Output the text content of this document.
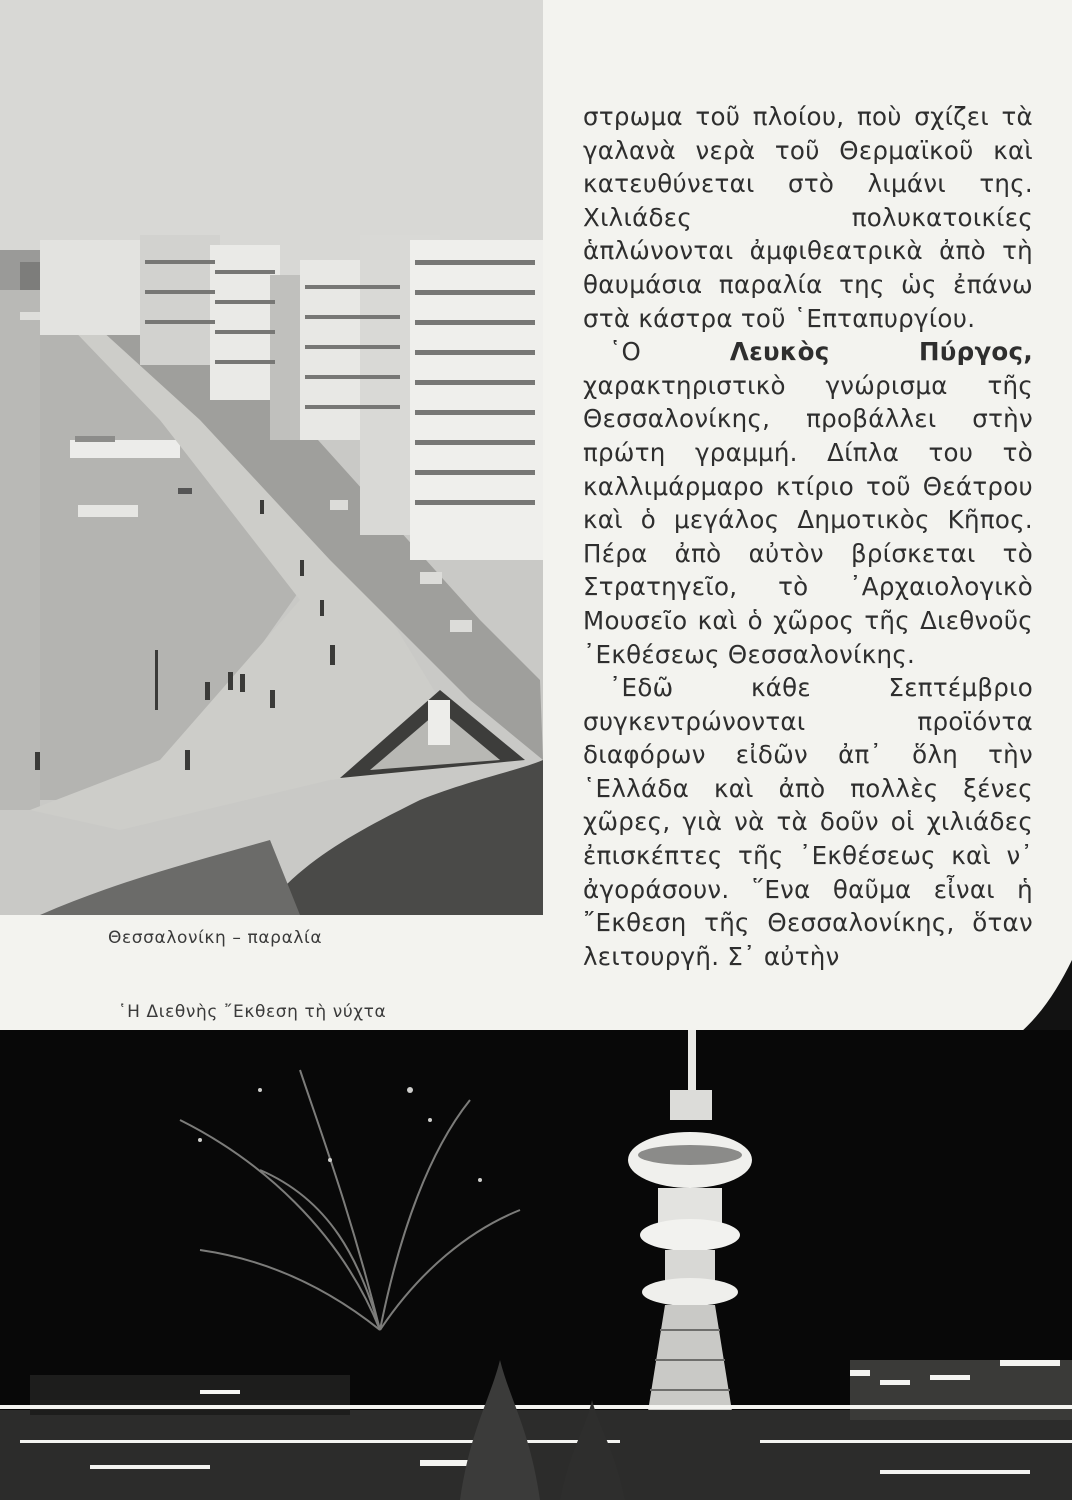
Θεσσαλονίκη – παραλία
῾Η Διεθνὴς ῎Εκθεση τὴ νύχτα

στρωμα τοῦ πλοίου, ποὺ σχίζει τὰ γαλανὰ νερὰ τοῦ Θερμαϊκοῦ καὶ κατευθύνεται στὸ λιμάνι της. Χιλιάδες πολυκατοικίες ἁπλώνονται ἀμφιθεατρικὰ ἀπὸ τὴ θαυμάσια παραλία της ὡς ἐπάνω στὰ κάστρα τοῦ ῾Επταπυργίου.

῾Ο Λευκὸς Πύργος, χαρακτηριστικὸ γνώρισμα τῆς Θεσσαλονίκης, προβάλλει στὴν πρώτη γραμμή. Δίπλα του τὸ καλλιμάρμαρο κτίριο τοῦ Θεάτρου καὶ ὁ μεγάλος Δημοτικὸς Κῆπος. Πέρα ἀπὸ αὐτὸν βρίσκεται τὸ Στρατηγεῖο, τὸ ᾿Αρχαιολογικὸ Μουσεῖο καὶ ὁ χῶρος τῆς Διεθνοῦς ᾿Εκθέσεως Θεσσαλονίκης.

᾿Εδῶ κάθε Σεπτέμβριο συγκεντρώνονται προϊόντα διαφόρων εἰδῶν ἀπ᾿ ὅλη τὴν ῾Ελλάδα καὶ ἀπὸ πολλὲς ξένες χῶρες, γιὰ νὰ τὰ δοῦν οἱ χιλιάδες ἐπισκέπτες τῆς ᾿Εκθέσεως καὶ ν᾿ ἀγοράσουν. ῞Ενα θαῦμα εἶναι ἡ ῎Εκθεση τῆς Θεσσαλονίκης, ὅταν λειτουργῆ. Σ᾿ αὐτὴν
